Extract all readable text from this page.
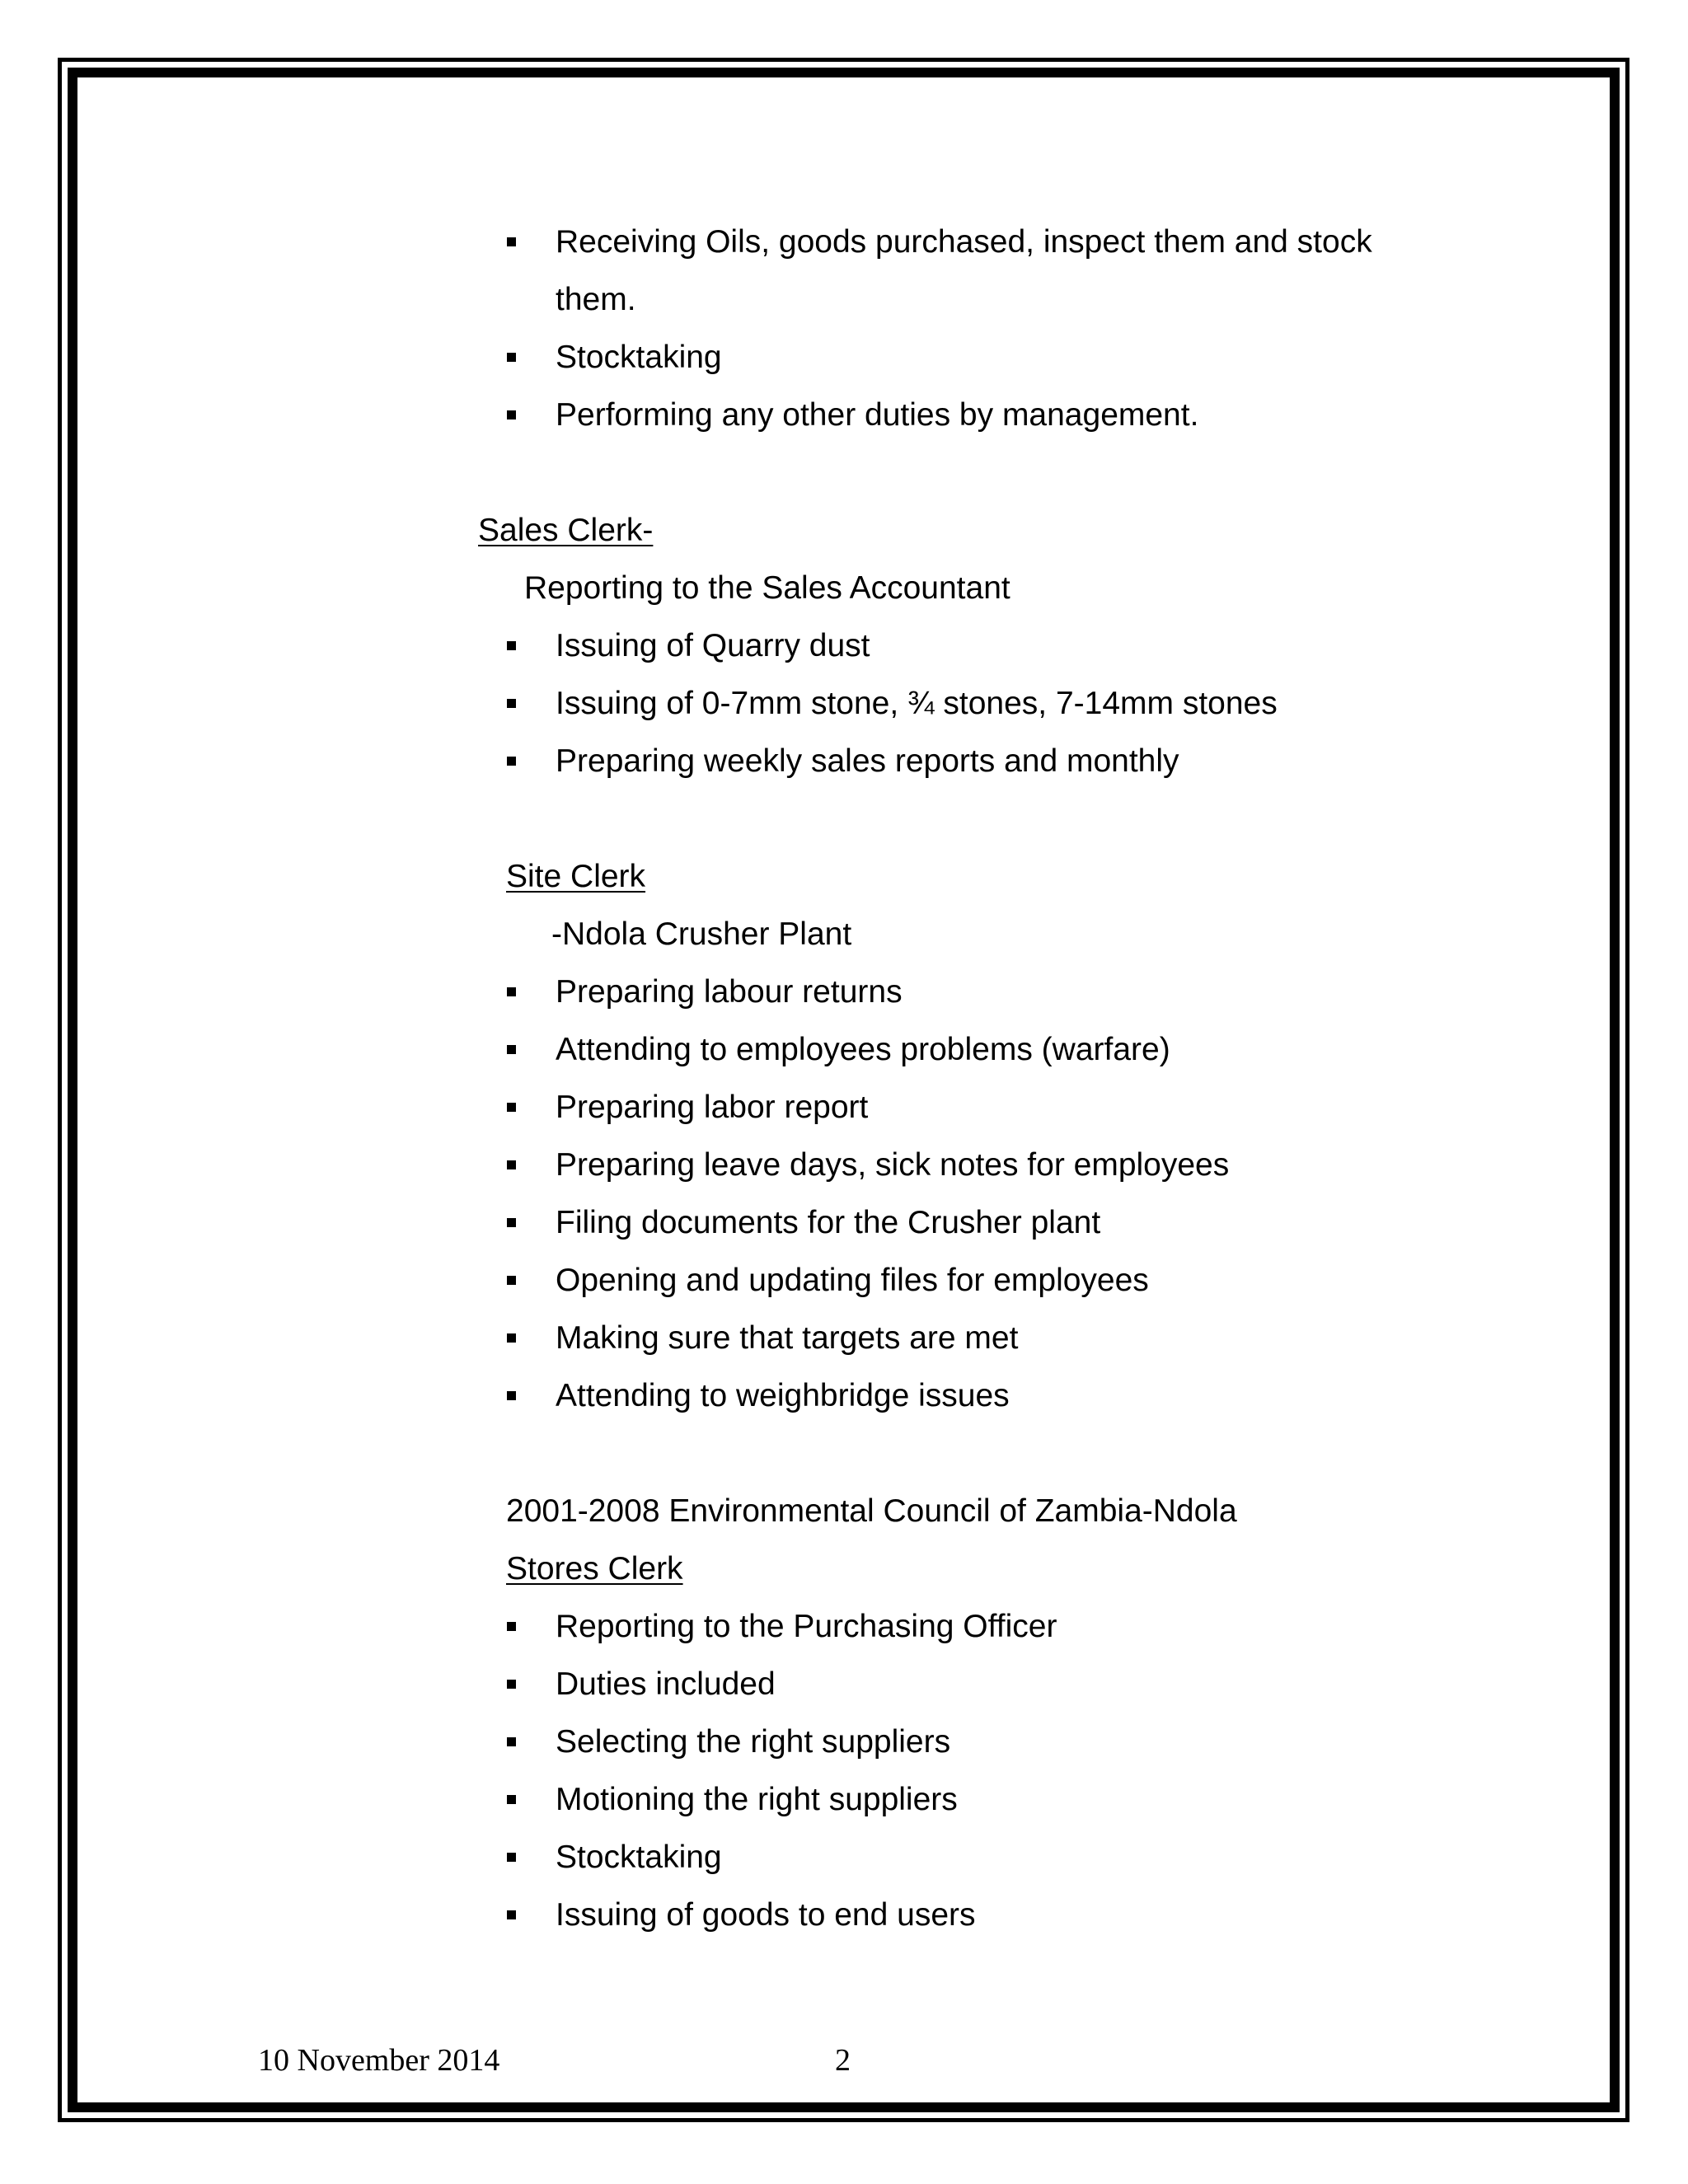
Receiving Oils, goods purchased, inspect them and stock
them.
Stocktaking
Performing any other duties by management.
Sales Clerk-
Reporting to the Sales Accountant
Issuing of Quarry dust
Issuing of 0-7mm stone, ¾ stones, 7-14mm stones
Preparing weekly sales reports and monthly
Site Clerk
-Ndola Crusher Plant
Preparing labour returns
Attending to employees problems (warfare)
Preparing labor report
Preparing leave days, sick notes for employees
Filing documents for the Crusher plant
Opening and updating files for employees
Making sure that targets are met
Attending to weighbridge issues
2001-2008 Environmental Council of Zambia-Ndola
Stores Clerk
Reporting to the Purchasing Officer
Duties included
Selecting the right suppliers
Motioning the right suppliers
Stocktaking
Issuing of goods to end users
10 November 2014	2
